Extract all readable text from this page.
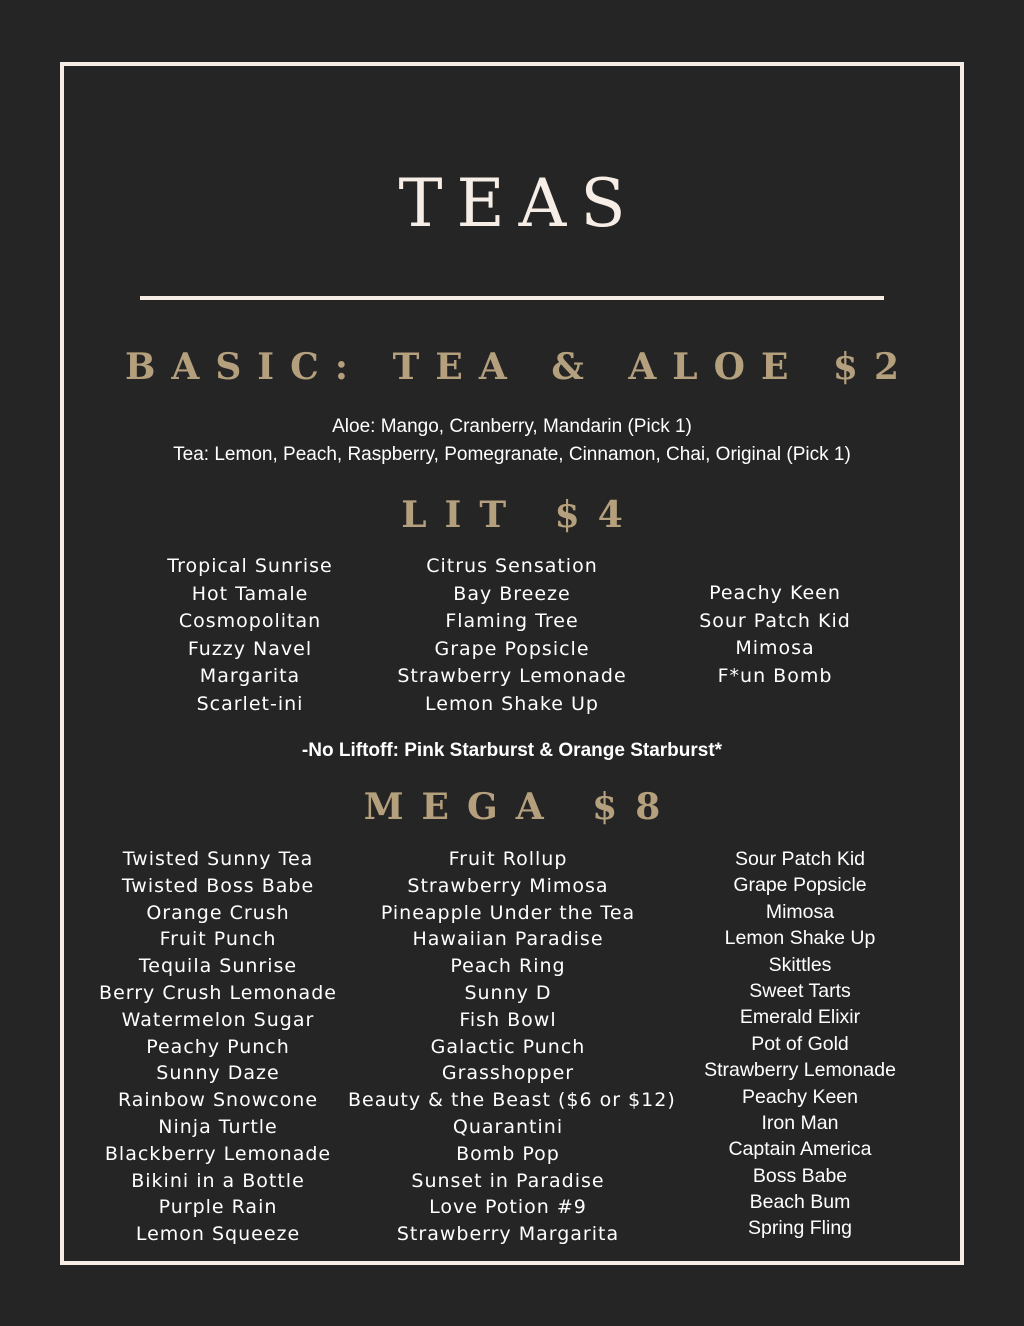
TEAS
BASIC: TEA & ALOE $2
Aloe: Mango, Cranberry, Mandarin (Pick 1)
Tea: Lemon, Peach, Raspberry, Pomegranate, Cinnamon, Chai, Original (Pick 1)
LIT $4
Tropical Sunrise
Hot Tamale
Cosmopolitan
Fuzzy Navel
Margarita
Scarlet-ini
Citrus Sensation
Bay Breeze
Flaming Tree
Grape Popsicle
Strawberry Lemonade
Lemon Shake Up
Peachy Keen
Sour Patch Kid
Mimosa
F*un Bomb
-No Liftoff: Pink Starburst & Orange Starburst*
MEGA $8
Twisted Sunny Tea
Twisted Boss Babe
Orange Crush
Fruit Punch
Tequila Sunrise
Berry Crush Lemonade
Watermelon Sugar
Peachy Punch
Sunny Daze
Rainbow Snowcone
Ninja Turtle
Blackberry Lemonade
Bikini in a Bottle
Purple Rain
Lemon Squeeze
Fruit Rollup
Strawberry Mimosa
Pineapple Under the Tea
Hawaiian Paradise
Peach Ring
Sunny D
Fish Bowl
Galactic Punch
Grasshopper
Beauty & the Beast ($6 or $12)
Quarantini
Bomb Pop
Sunset in Paradise
Love Potion #9
Strawberry Margarita
Sour Patch Kid
Grape Popsicle
Mimosa
Lemon Shake Up
Skittles
Sweet Tarts
Emerald Elixir
Pot of Gold
Strawberry Lemonade
Peachy Keen
Iron Man
Captain America
Boss Babe
Beach Bum
Spring Fling
